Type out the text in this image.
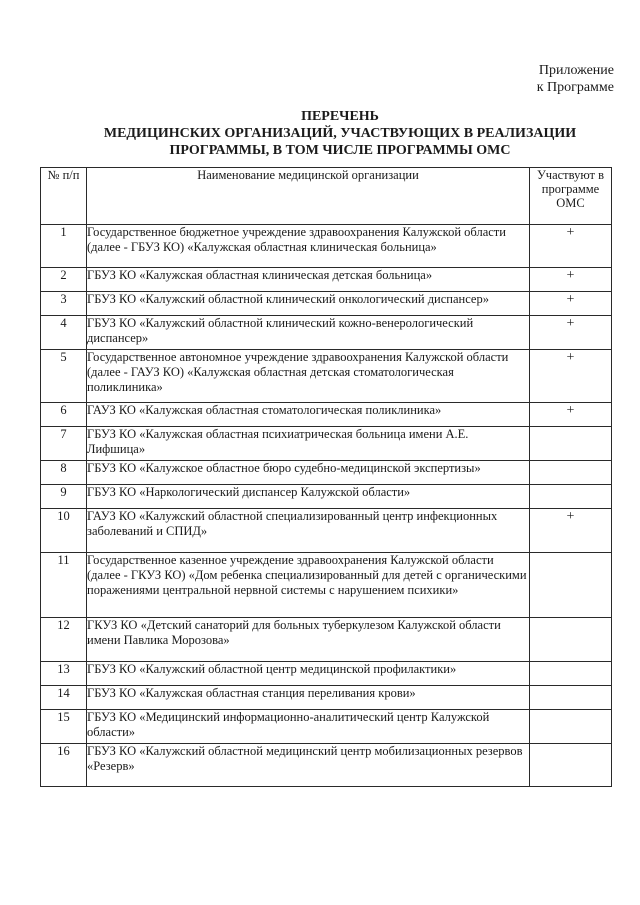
Приложение
к Программе
ПЕРЕЧЕНЬ
МЕДИЦИНСКИХ ОРГАНИЗАЦИЙ, УЧАСТВУЮЩИХ В РЕАЛИЗАЦИИ
ПРОГРАММЫ, В ТОМ ЧИСЛЕ ПРОГРАММЫ ОМС
№ п/п	Наименование медицинской организации	Участвуют в программе ОМС
1	Государственное бюджетное учреждение здравоохранения Калужской области (далее - ГБУЗ КО) «Калужская областная клиническая больница»	+
2	ГБУЗ КО «Калужская областная клиническая детская больница»	+
3	ГБУЗ КО «Калужский областной клинический онкологический диспансер»	+
4	ГБУЗ КО «Калужский областной клинический кожно-венерологический диспансер»	+
5	Государственное автономное учреждение здравоохранения Калужской области (далее - ГАУЗ КО) «Калужская областная детская стоматологическая поликлиника»	+
6	ГАУЗ КО «Калужская областная стоматологическая поликлиника»	+
7	ГБУЗ КО «Калужская областная психиатрическая больница имени А.Е. Лифшица»	
8	ГБУЗ КО «Калужское областное бюро судебно-медицинской экспертизы»	
9	ГБУЗ КО «Наркологический диспансер Калужской области»	
10	ГАУЗ КО «Калужский областной специализированный центр инфекционных заболеваний и СПИД»	+
11	Государственное казенное учреждение здравоохранения Калужской области (далее - ГКУЗ КО) «Дом ребенка специализированный для детей с органическими поражениями центральной нервной системы с нарушением психики»	
12	ГКУЗ КО «Детский санаторий для больных туберкулезом Калужской области имени Павлика Морозова»	
13	ГБУЗ КО «Калужский областной центр медицинской профилактики»	
14	ГБУЗ КО «Калужская областная станция переливания крови»	
15	ГБУЗ КО «Медицинский информационно-аналитический центр Калужской области»	
16	ГБУЗ КО «Калужский областной медицинский центр мобилизационных резервов «Резерв»	
